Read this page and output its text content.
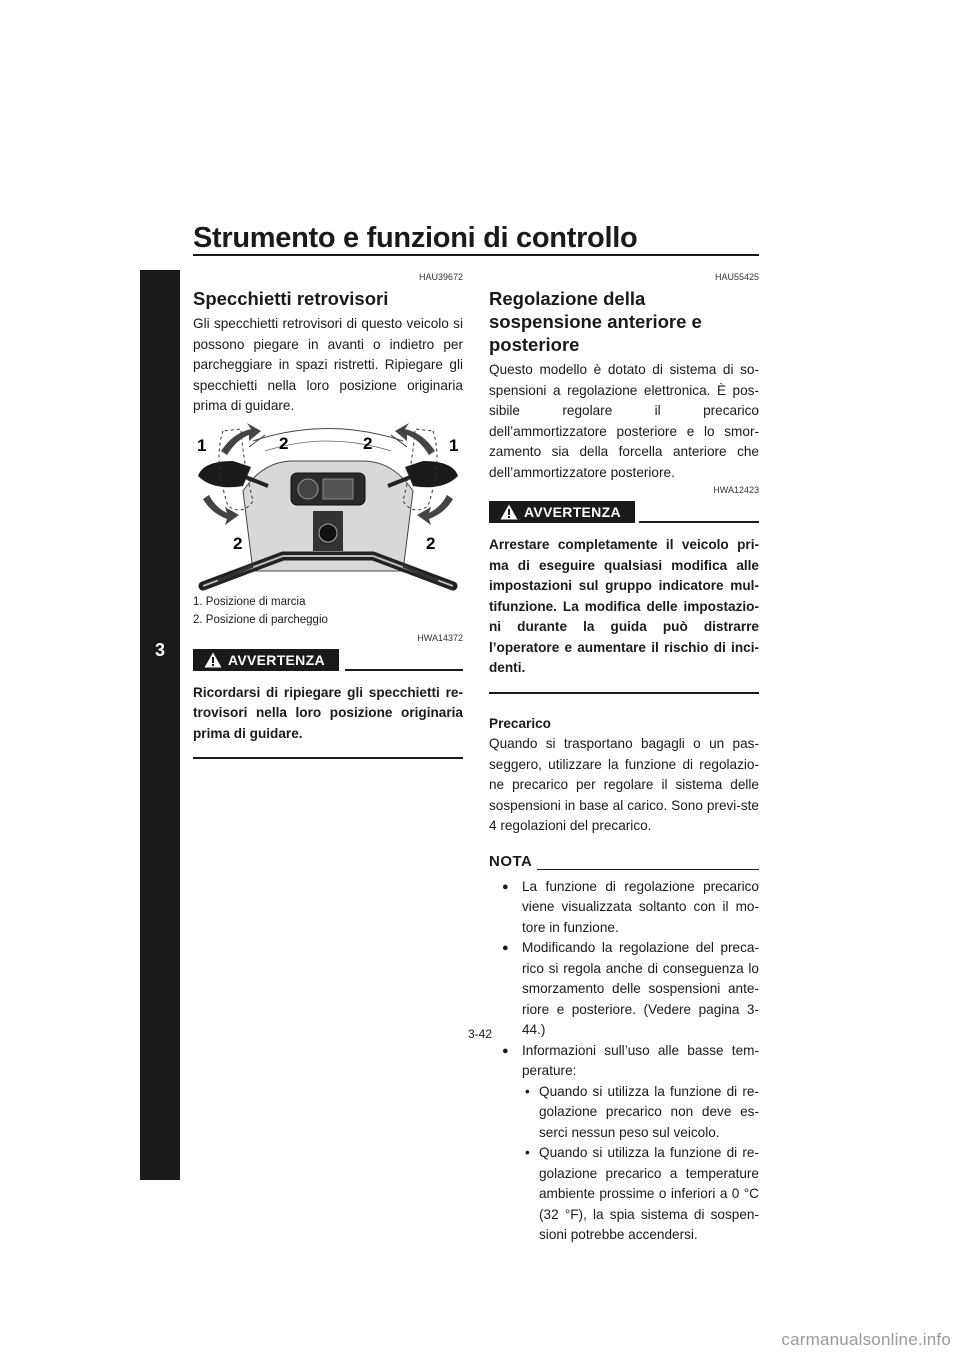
Strumento e funzioni di controllo
3
HAU39672
Specchietti retrovisori

Gli specchietti retrovisori di questo veicolo si possono piegare in avanti o indietro per parcheggiare in spazi ristretti. Ripiegare gli specchietti nella loro posizione originaria prima di guidare.

1	2	2	1
2	2
1. Posizione di marcia
2. Posizione di parcheggio
HWA14372
AVVERTENZA

Ricordarsi di ripiegare gli specchietti re-trovisori nella loro posizione originaria prima di guidare.

HAU55425
Regolazione della sospensione anteriore e posteriore

Questo modello è dotato di sistema di so-spensioni a regolazione elettronica. È pos-sibile regolare il precarico dell’ammortizzatore posteriore e lo smor-zamento sia della forcella anteriore che dell’ammortizzatore posteriore.

HWA12423
AVVERTENZA

Arrestare completamente il veicolo pri-ma di eseguire qualsiasi modifica alle impostazioni sul gruppo indicatore mul-tifunzione. La modifica delle impostazio-ni durante la guida può distrarre l’operatore e aumentare il rischio di inci-denti.

Precarico

Quando si trasportano bagagli o un pas-seggero, utilizzare la funzione di regolazio-ne precarico per regolare il sistema delle sospensioni in base al carico. Sono previ-ste 4 regolazioni del precarico.

NOTA
● La funzione di regolazione precarico viene visualizzata soltanto con il mo-tore in funzione.
● Modificando la regolazione del preca-rico si regola anche di conseguenza lo smorzamento delle sospensioni ante-riore e posteriore. (Vedere pagina 3-44.)
● Informazioni sull’uso alle basse tem-perature:
• Quando si utilizza la funzione di re-golazione precarico non deve es-serci nessun peso sul veicolo.
• Quando si utilizza la funzione di re-golazione precarico a temperature ambiente prossime o inferiori a 0 °C (32 °F), la spia sistema di sospen-sioni potrebbe accendersi.
3-42
carmanualsonline.info
